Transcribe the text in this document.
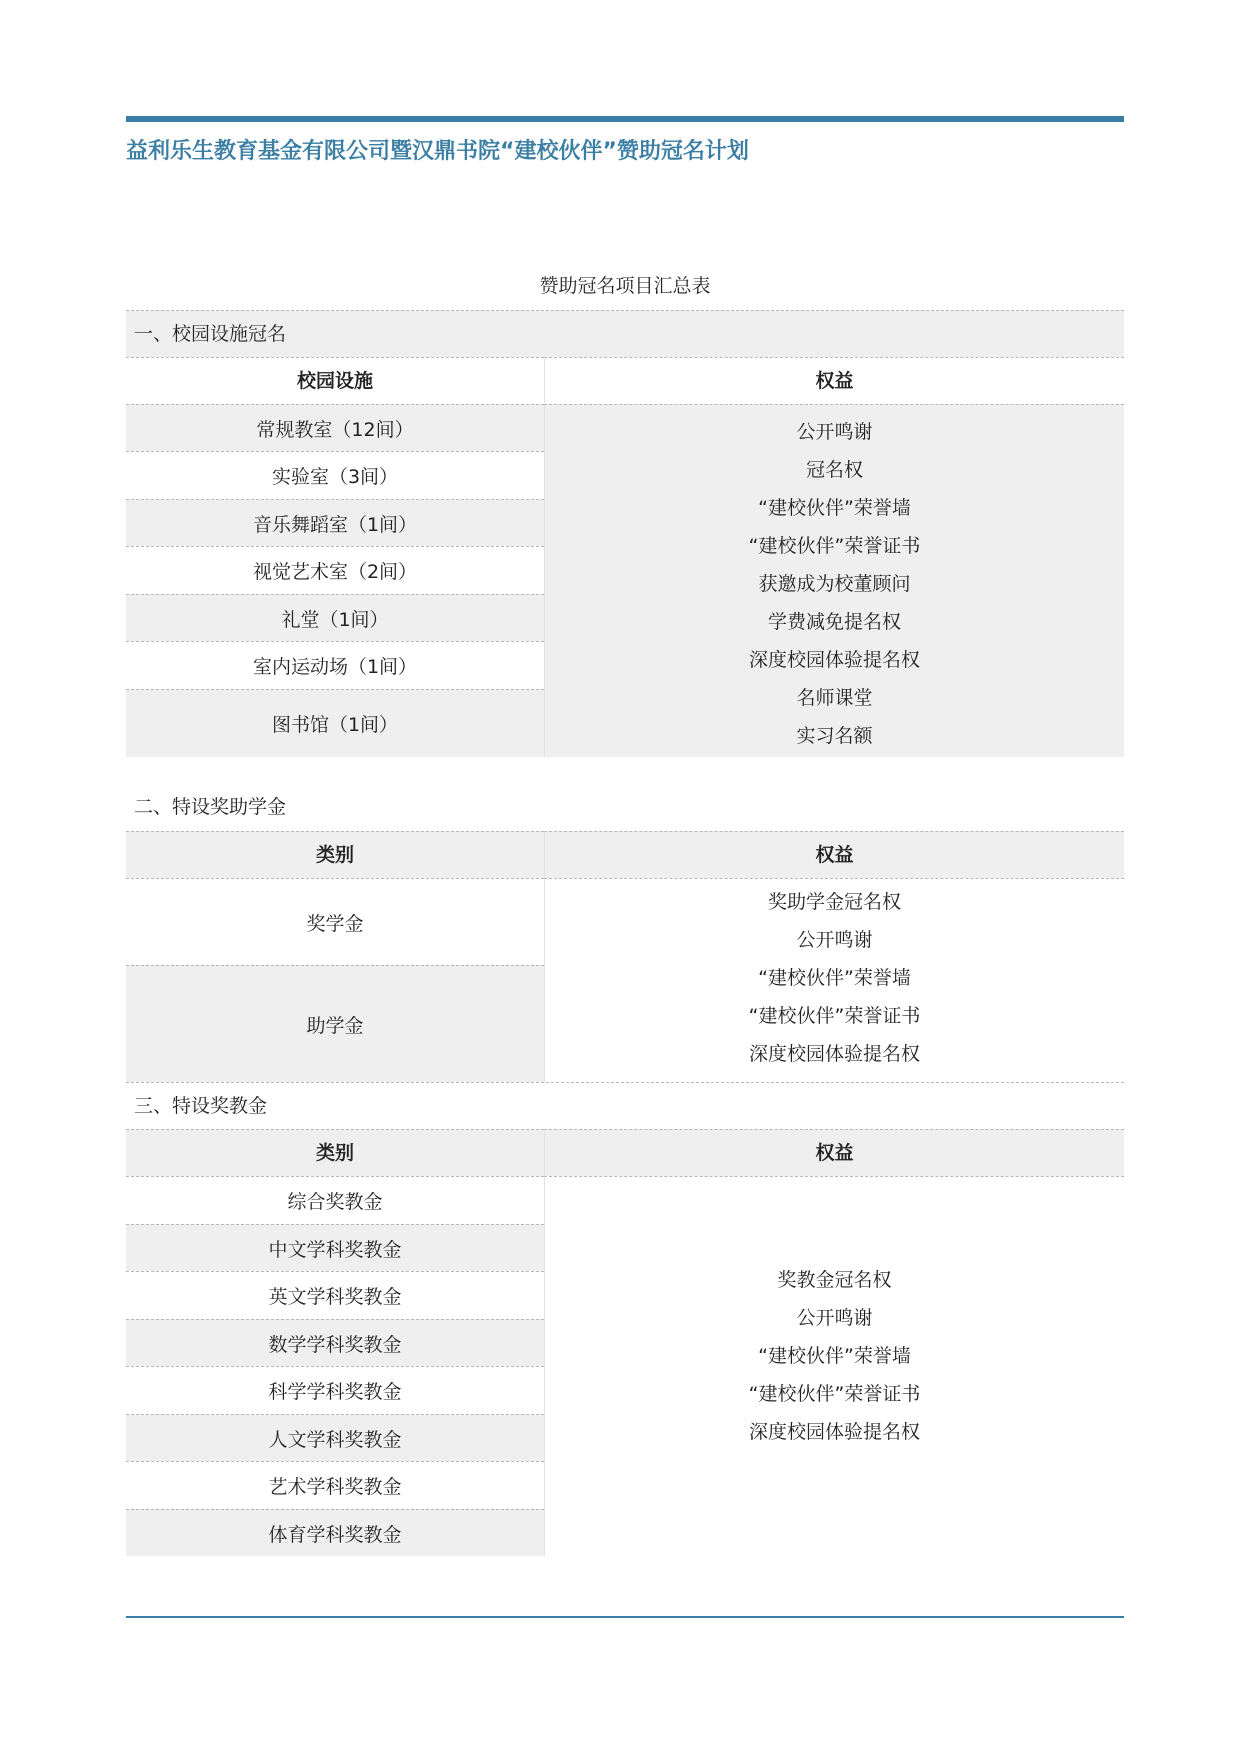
益利乐生教育基金有限公司暨汉鼎书院“建校伙伴”赞助冠名计划
赞助冠名项目汇总表
一、校园设施冠名
校园设施	权益
常规教室（12间）
实验室（3间）
音乐舞蹈室（1间）
视觉艺术室（2间）
礼堂（1间）
室内运动场（1间）
图书馆（1间）
公开鸣谢
冠名权
“建校伙伴”荣誉墙
“建校伙伴”荣誉证书
获邀成为校董顾问
学费减免提名权
深度校园体验提名权
名师课堂
实习名额
二、特设奖助学金
类别	权益
奖学金
助学金
奖助学金冠名权
公开鸣谢
“建校伙伴”荣誉墙
“建校伙伴”荣誉证书
深度校园体验提名权
三、特设奖教金
类别	权益
综合奖教金
中文学科奖教金
英文学科奖教金
数学学科奖教金
科学学科奖教金
人文学科奖教金
艺术学科奖教金
体育学科奖教金
奖教金冠名权
公开鸣谢
“建校伙伴”荣誉墙
“建校伙伴”荣誉证书
深度校园体验提名权
